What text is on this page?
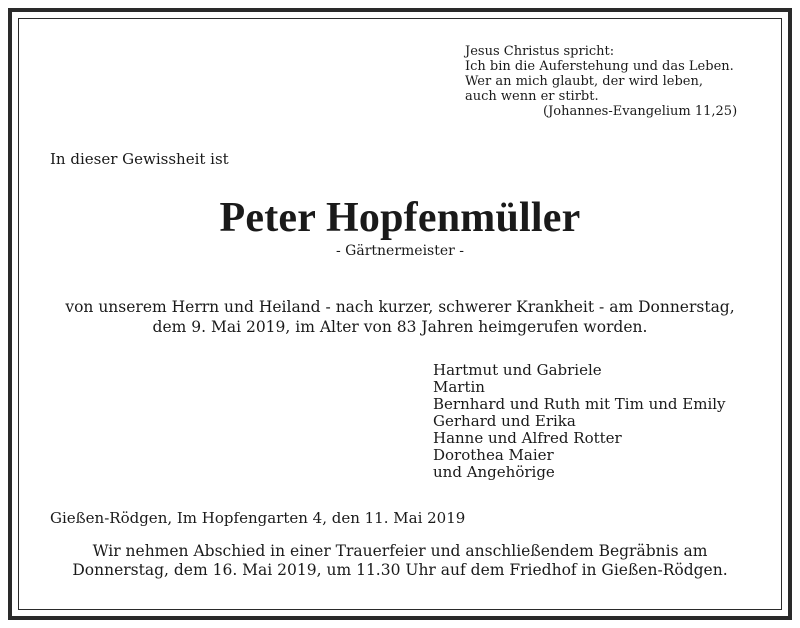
Jesus Christus spricht:
Ich bin die Auferstehung und das Leben.
Wer an mich glaubt, der wird leben,
auch wenn er stirbt.
(Johannes-Evangelium 11,25)
In dieser Gewissheit ist
Peter Hopfenmüller
- Gärtnermeister -
von unserem Herrn und Heiland - nach kurzer, schwerer Krankheit - am Donnerstag,
dem 9. Mai 2019, im Alter von 83 Jahren heimgerufen worden.
Hartmut und Gabriele
Martin
Bernhard und Ruth mit Tim und Emily
Gerhard und Erika
Hanne und Alfred Rotter
Dorothea Maier
und Angehörige
Gießen-Rödgen, Im Hopfengarten 4, den 11. Mai 2019
Wir nehmen Abschied in einer Trauerfeier und anschließendem Begräbnis am
Donnerstag, dem 16. Mai 2019, um 11.30 Uhr auf dem Friedhof in Gießen-Rödgen.
